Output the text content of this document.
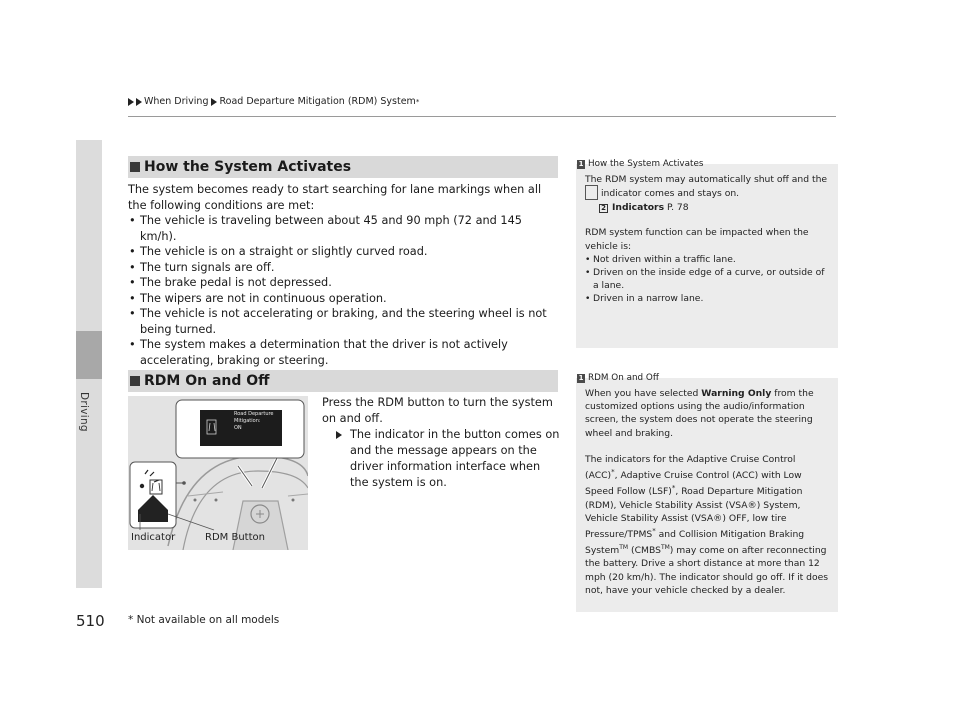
Driving
When Driving Road Departure Mitigation (RDM) System *
How the System Activates

The system becomes ready to start searching for lane markings when all the following conditions are met:

• The vehicle is traveling between about 45 and 90 mph (72 and 145 km/h).
• The vehicle is on a straight or slightly curved road.
• The turn signals are off.
• The brake pedal is not depressed.
• The wipers are not in continuous operation.
• The vehicle is not accelerating or braking, and the steering wheel is not being turned.
• The system makes a determination that the driver is not actively accelerating, braking or steering.
RDM On and Off
Road Departure
Mitigation:
ON
Indicator	RDM Button

Press the RDM button to turn the system on and off.

The indicator in the button comes on and the message appears on the driver information interface when the system is on.
1 How the System Activates
The RDM system may automatically shut off and the
indicator comes and stays on.
2 Indicators P. 78
RDM system function can be impacted when the vehicle is:
• Not driven within a traffic lane.
• Driven on the inside edge of a curve, or outside of a lane.
• Driven in a narrow lane.
1 RDM On and Off
When you have selected Warning Only from the customized options using the audio/information screen, the system does not operate the steering wheel and braking.
The indicators for the Adaptive Cruise Control (ACC)*, Adaptive Cruise Control (ACC) with Low Speed Follow (LSF)*, Road Departure Mitigation (RDM), Vehicle Stability Assist (VSA®) System, Vehicle Stability Assist (VSA®) OFF, low tire Pressure/TPMS* and Collision Mitigation Braking System™ (CMBS™) may come on after reconnecting the battery. Drive a short distance at more than 12 mph (20 km/h). The indicator should go off. If it does not, have your vehicle checked by a dealer.
510 * Not available on all models
